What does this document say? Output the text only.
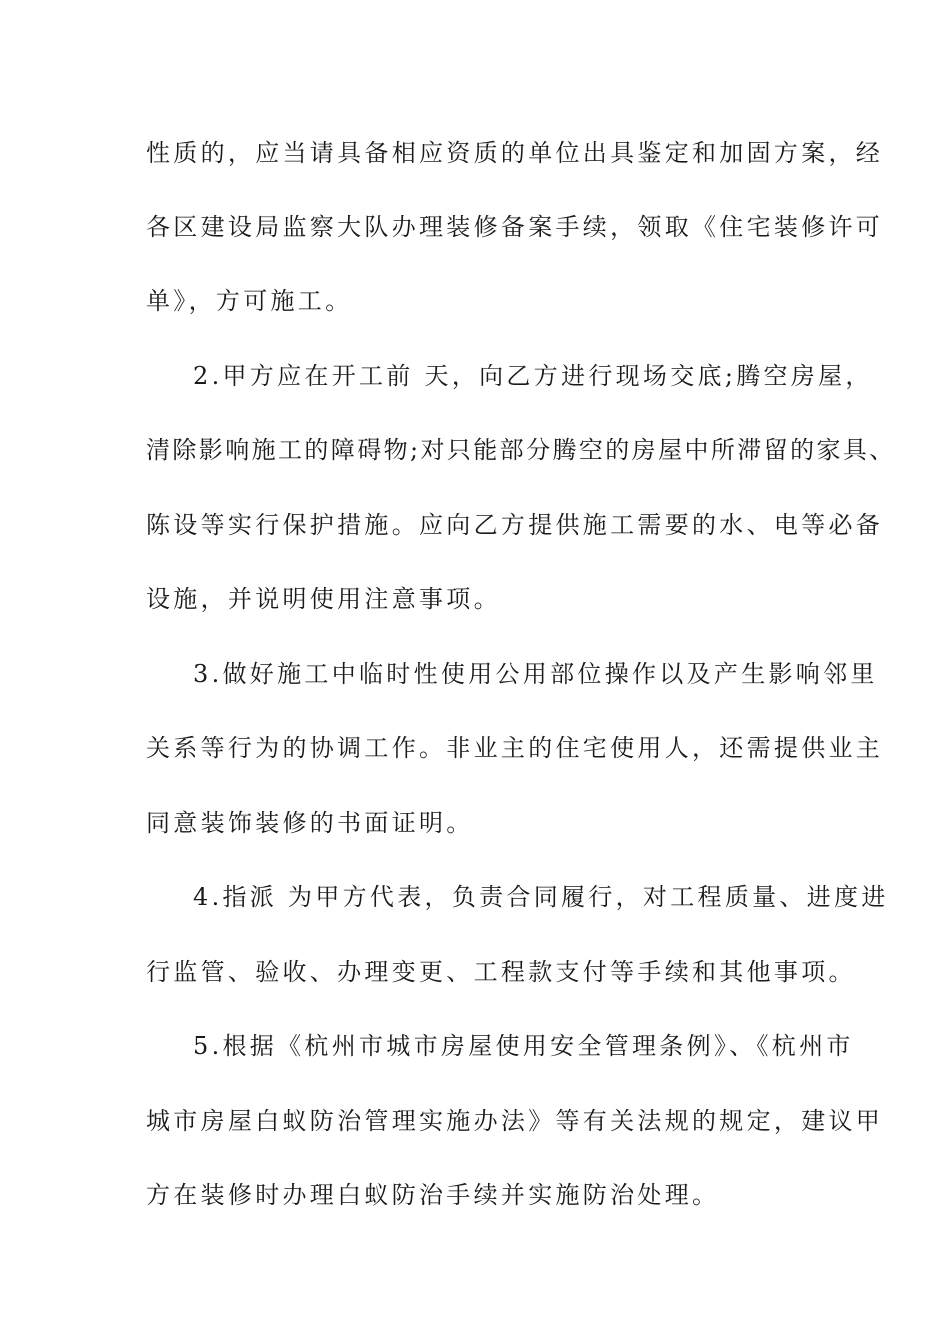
性质的，应当请具备相应资质的单位出具鉴定和加固方案，经
各区建设局监察大队办理装修备案手续，领取《住宅装修许可
单》，方可施工。
2.甲方应在开工前 天，向乙方进行现场交底;腾空房屋，
清除影响施工的障碍物;对只能部分腾空的房屋中所滞留的家具、
陈设等实行保护措施。应向乙方提供施工需要的水、电等必备
设施，并说明使用注意事项。
3.做好施工中临时性使用公用部位操作以及产生影响邻里
关系等行为的协调工作。非业主的住宅使用人，还需提供业主
同意装饰装修的书面证明。
4.指派 为甲方代表，负责合同履行，对工程质量、进度进
行监管、验收、办理变更、工程款支付等手续和其他事项。
5.根据《杭州市城市房屋使用安全管理条例》、《杭州市
城市房屋白蚁防治管理实施办法》等有关法规的规定，建议甲
方在装修时办理白蚁防治手续并实施防治处理。
